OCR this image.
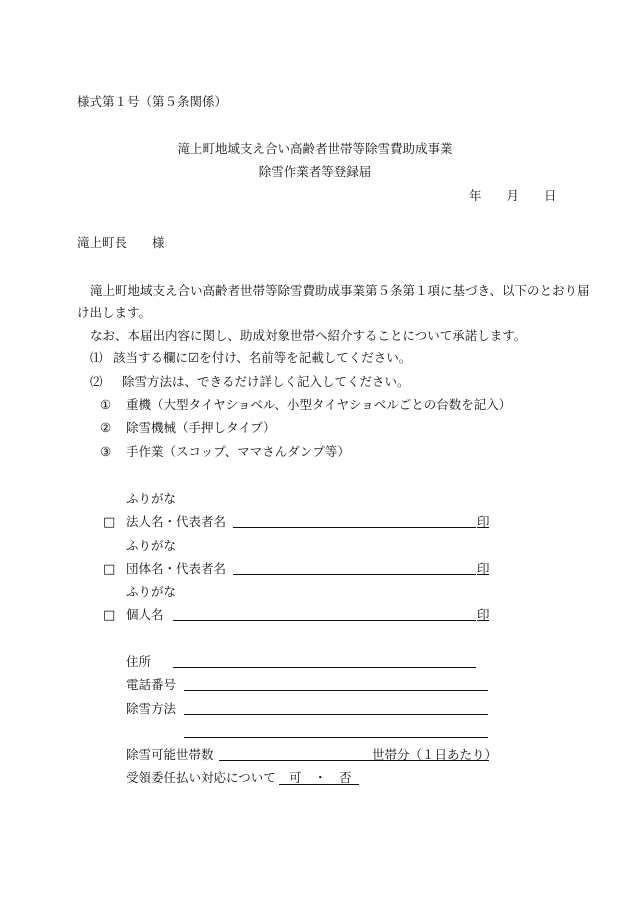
様式第１号（第５条関係）
滝上町地域支え合い高齢者世帯等除雪費助成事業
除雪作業者等登録届
年　　月　　日
滝上町長　　様
滝上町地域支え合い高齢者世帯等除雪費助成事業第５条第１項に基づき、以下のとおり届
け出します。
なお、本届出内容に関し、助成対象世帯へ紹介することについて承諾します。
⑴ 該当する欄に☑を付け、名前等を記載してください。
⑵ 除雪方法は、できるだけ詳しく記入してください。
① 重機（大型タイヤショベル、小型タイヤショベルごとの台数を記入）
② 除雪機械（手押しタイプ）
③ 手作業（スコップ、ママさんダンプ等）
ふりがな
□ 法人名・代表者名	印
ふりがな
□ 団体名・代表者名	印
ふりがな
□ 個人名	印
住所
電話番号
除雪方法
除雪可能世帯数	世帯分（１日あたり）
受領委任払い対応について 可　・　否
